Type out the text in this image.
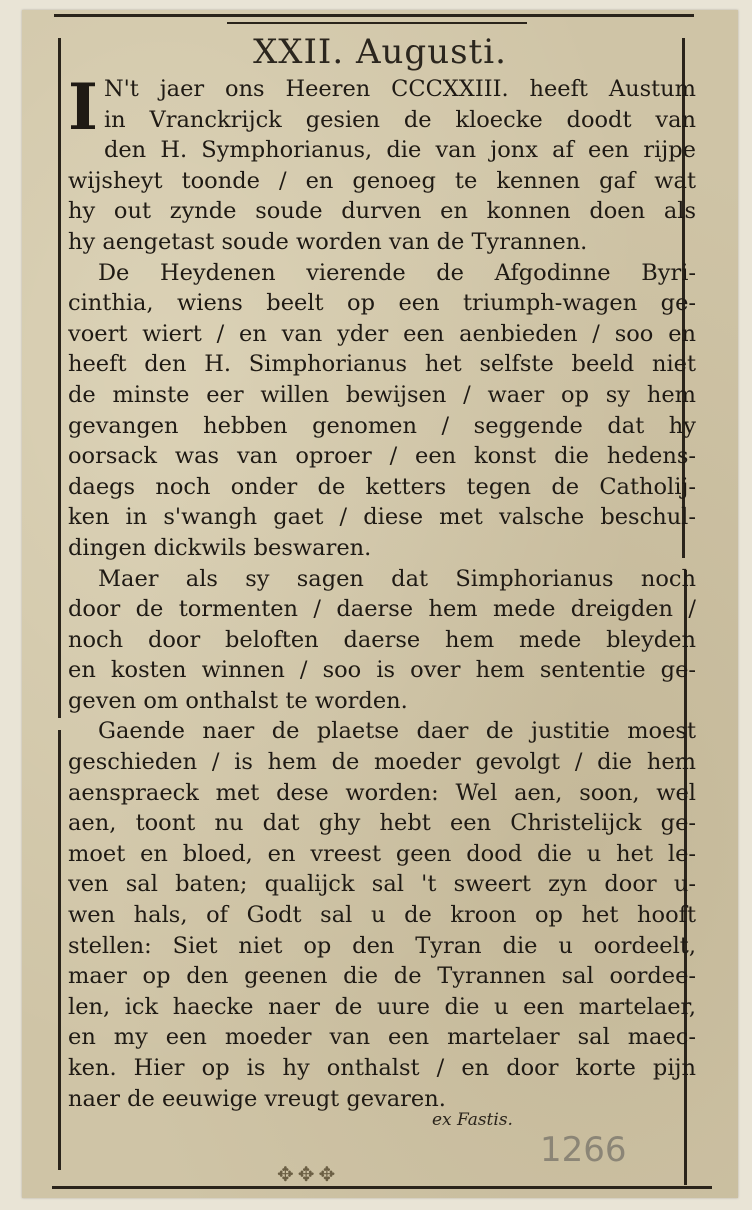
XXII. Augusti.
I N't jaer ons Heeren CCCXXIII. heeft Austum
in Vranckrijck gesien de kloecke doodt van
den H. Symphorianus, die van jonx af een rijpe
wijsheyt toonde / en genoeg te kennen gaf wat
hy out zynde soude durven en konnen doen als
hy aengetast soude worden van de Tyrannen.
De Heydenen vierende de Afgodinne Byri-
cinthia, wiens beelt op een triumph-wagen ge-
voert wiert / en van yder een aenbieden / soo en
heeft den H. Simphorianus het selfste beeld niet
de minste eer willen bewijsen / waer op sy hem
gevangen hebben genomen / seggende dat hy
oorsack was van oproer / een konst die hedens-
daegs noch onder de ketters tegen de Catholij-
ken in s'wangh gaet / diese met valsche beschul-
dingen dickwils beswaren.
Maer als sy sagen dat Simphorianus noch
door de tormenten / daerse hem mede dreigden /
noch door beloften daerse hem mede bleyden
en kosten winnen / soo is over hem sententie ge-
geven om onthalst te worden.
Gaende naer de plaetse daer de justitie moest
geschieden / is hem de moeder gevolgt / die hem
aenspraeck met dese worden: Wel aen, soon, wel
aen, toont nu dat ghy hebt een Christelijck ge-
moet en bloed, en vreest geen dood die u het le-
ven sal baten; qualijck sal 't sweert zyn door u-
wen hals, of Godt sal u de kroon op het hooft
stellen: Siet niet op den Tyran die u oordeelt,
maer op den geenen die de Tyrannen sal oordee-
len, ick haecke naer de uure die u een martelaer,
en my een moeder van een martelaer sal maec-
ken. Hier op is hy onthalst / en door korte pijn
naer de eeuwige vreugt gevaren.
ex Fastis.
1266
✥✥✥
